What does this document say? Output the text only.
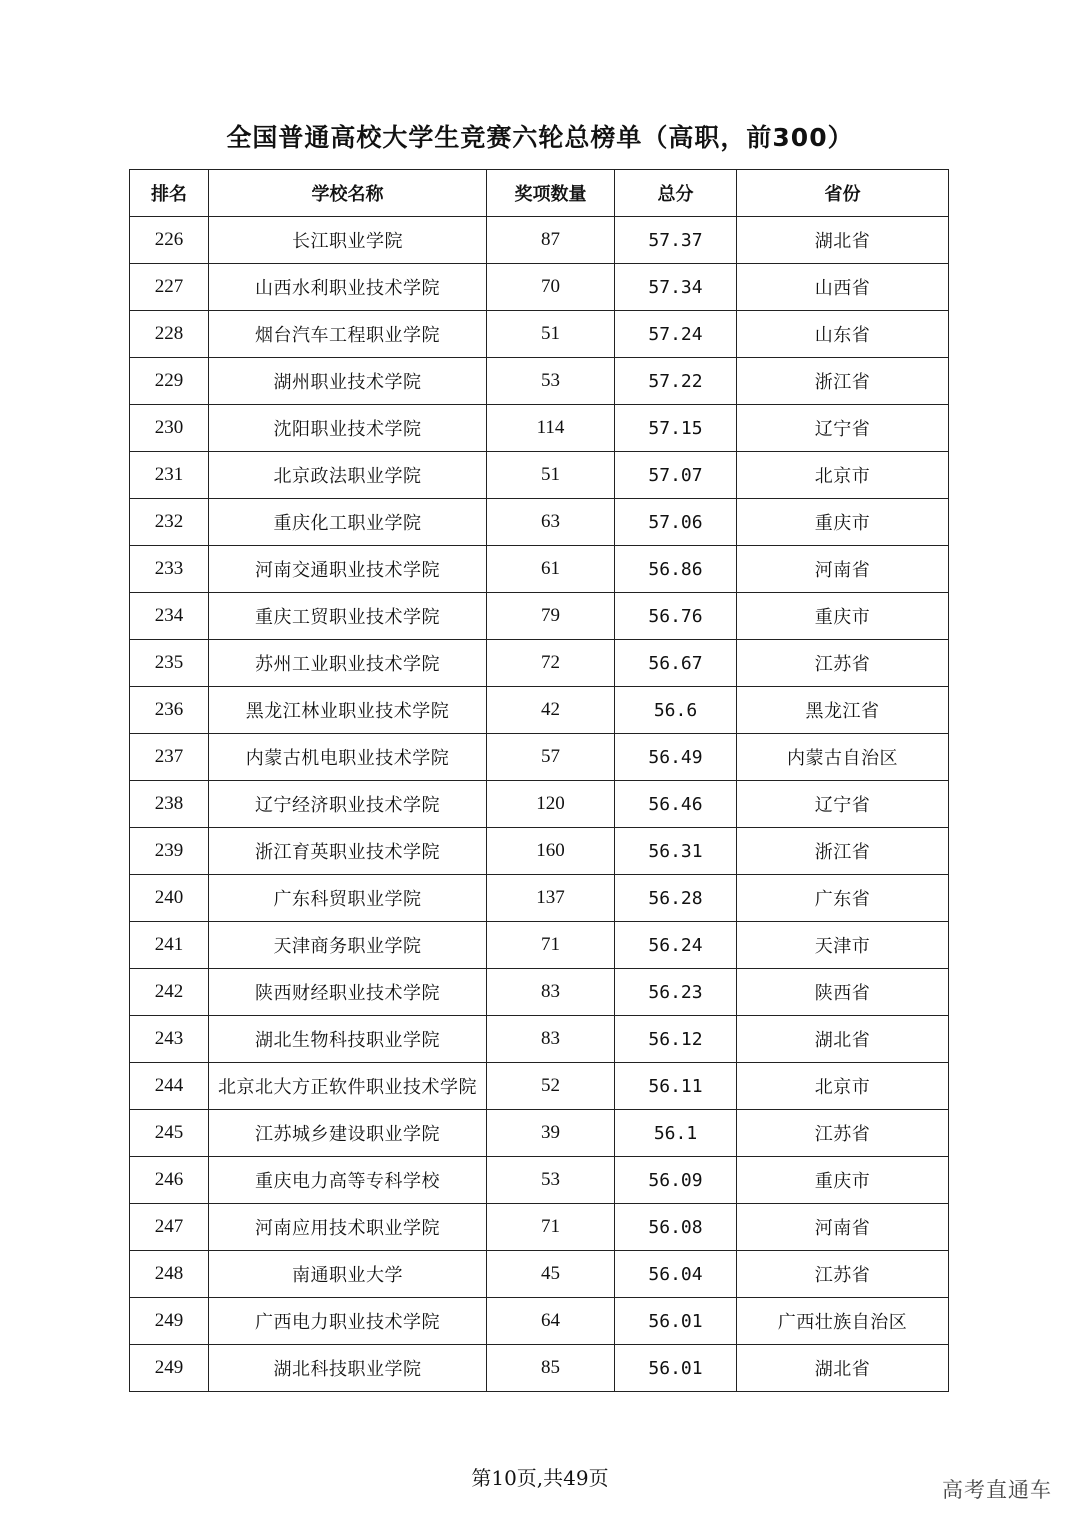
全国普通高校大学生竞赛六轮总榜单（高职，前300）
排名	学校名称	奖项数量	总分	省份
226	长江职业学院	87	57.37	湖北省
227	山西水利职业技术学院	70	57.34	山西省
228	烟台汽车工程职业学院	51	57.24	山东省
229	湖州职业技术学院	53	57.22	浙江省
230	沈阳职业技术学院	114	57.15	辽宁省
231	北京政法职业学院	51	57.07	北京市
232	重庆化工职业学院	63	57.06	重庆市
233	河南交通职业技术学院	61	56.86	河南省
234	重庆工贸职业技术学院	79	56.76	重庆市
235	苏州工业职业技术学院	72	56.67	江苏省
236	黑龙江林业职业技术学院	42	56.6	黑龙江省
237	内蒙古机电职业技术学院	57	56.49	内蒙古自治区
238	辽宁经济职业技术学院	120	56.46	辽宁省
239	浙江育英职业技术学院	160	56.31	浙江省
240	广东科贸职业学院	137	56.28	广东省
241	天津商务职业学院	71	56.24	天津市
242	陕西财经职业技术学院	83	56.23	陕西省
243	湖北生物科技职业学院	83	56.12	湖北省
244	北京北大方正软件职业技术学院	52	56.11	北京市
245	江苏城乡建设职业学院	39	56.1	江苏省
246	重庆电力高等专科学校	53	56.09	重庆市
247	河南应用技术职业学院	71	56.08	河南省
248	南通职业大学	45	56.04	江苏省
249	广西电力职业技术学院	64	56.01	广西壮族自治区
249	湖北科技职业学院	85	56.01	湖北省
第10页,共49页	高考直通车
